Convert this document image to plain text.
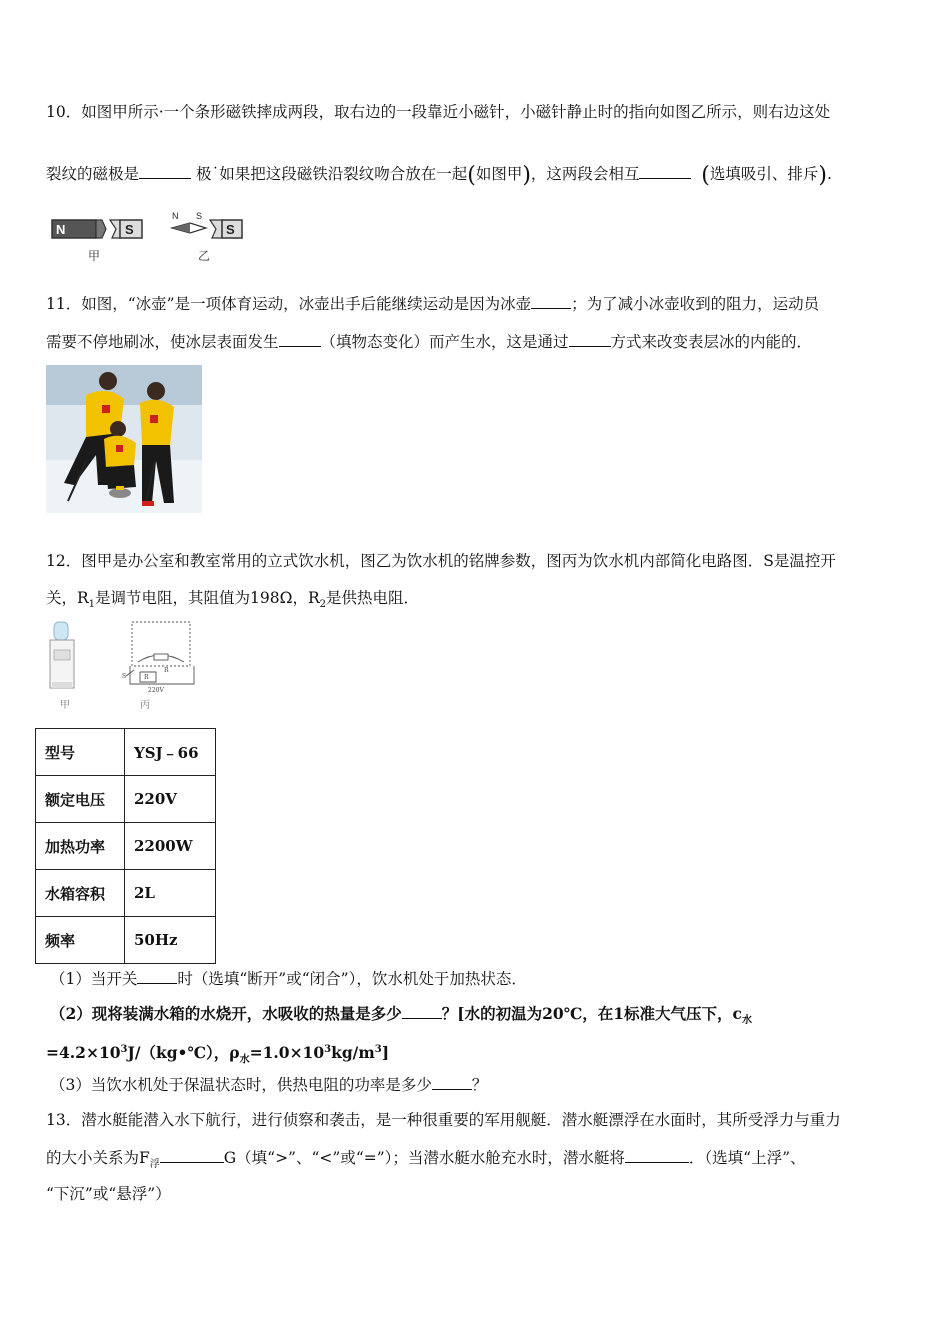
10．如图甲所示·一个条形磁铁摔成两段，取右边的一段靠近小磁针，小磁针静止时的指向如图乙所示，则右边这处
裂纹的磁极是	极˙如果把这段磁铁沿裂纹吻合放在一起(如图甲)，这两段会相互	(选填吸引、排斥).
N	S
甲
N S
S
乙
11．如图，“冰壶”是一项体育运动，冰壶出手后能继续运动是因为冰壶	；为了减小冰壶收到的阻力，运动员
需要不停地刷冰，使冰层表面发生	（填物态变化）而产生水，这是通过	方式来改变表层冰的内能的．
12．图甲是办公室和教室常用的立式饮水机，图乙为饮水机的铭牌参数，图丙为饮水机内部简化电路图．S是温控开
关，$R_1$是调节电阻，其阻值为198Ω，$R_2$是供热电阻．
甲
S	R
R
220V
丙
型号	YSJ﹣66
额定电压	220V
加热功率	2200W
水箱容积	2L
频率	50Hz
（1）当开关	时（选填“断开”或“闭合”），饮水机处于加热状态．
（2）现将装满水箱的水烧开，水吸收的热量是多少	？[水的初温为20℃，在1标准大气压下，$c_水$
$=4.2\times 10^3J/(kg•℃)$，$\rho_水=1.0\times 10^3kg/m^3$]
（3）当饮水机处于保温状态时，供热电阻的功率是多少	？
13．潜水艇能潜入水下航行，进行侦察和袭击，是一种很重要的军用舰艇．潜水艇漂浮在水面时，其所受浮力与重力
的大小关系为$F_浮$	G（填“>”、“<”或“=”）；当潜水艇水舱充水时，潜水艇将	．（选填“上浮”、
“下沉”或“悬浮”）
